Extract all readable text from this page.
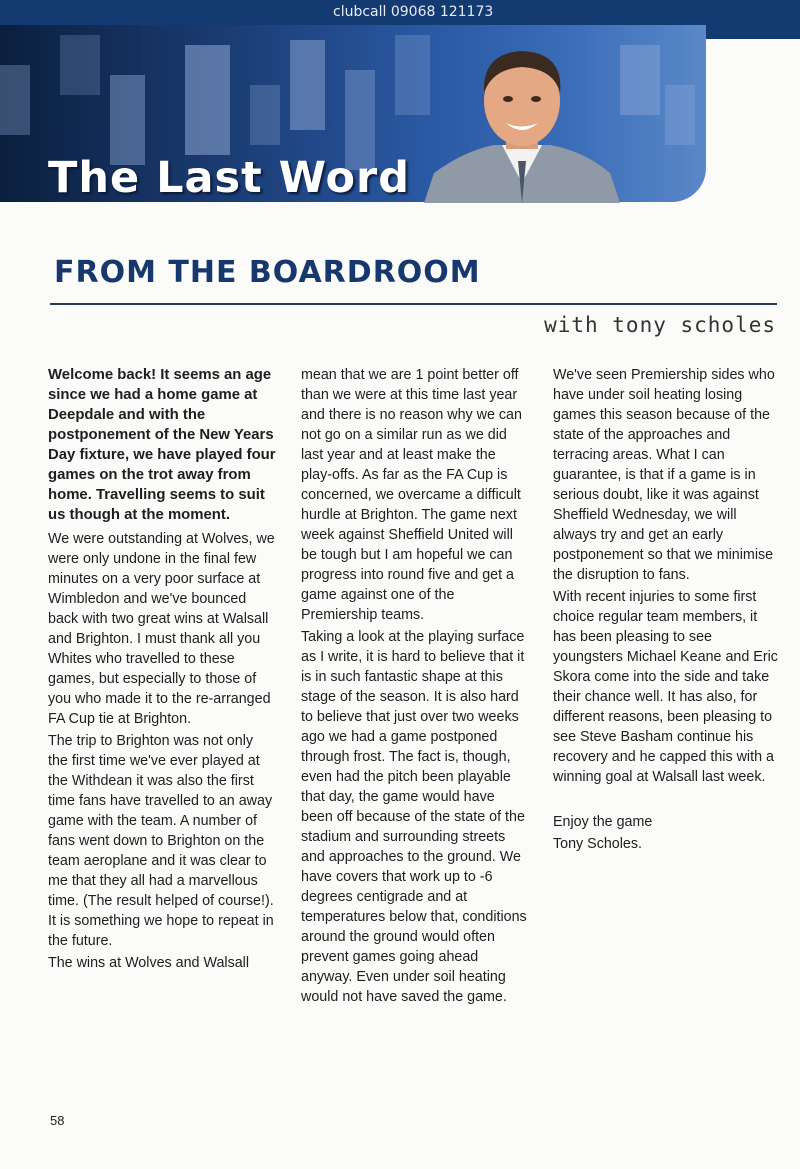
clubcall 09068 121173
The Last Word
FROM THE BOARDROOM
with tony scholes

Welcome back! It seems an age since we had a home game at Deepdale and with the postponement of the New Years Day fixture, we have played four games on the trot away from home. Travelling seems to suit us though at the moment.

We were outstanding at Wolves, we were only undone in the final few minutes on a very poor surface at Wimbledon and we've bounced back with two great wins at Walsall and Brighton. I must thank all you Whites who travelled to these games, but especially to those of you who made it to the re-arranged FA Cup tie at Brighton.

The trip to Brighton was not only the first time we've ever played at the Withdean it was also the first time fans have travelled to an away game with the team. A number of fans went down to Brighton on the team aeroplane and it was clear to me that they all had a marvellous time. (The result helped of course!). It is something we hope to repeat in the future.

The wins at Wolves and Walsall

mean that we are 1 point better off than we were at this time last year and there is no reason why we can not go on a similar run as we did last year and at least make the play-offs. As far as the FA Cup is concerned, we overcame a difficult hurdle at Brighton. The game next week against Sheffield United will be tough but I am hopeful we can progress into round five and get a game against one of the Premiership teams.

Taking a look at the playing surface as I write, it is hard to believe that it is in such fantastic shape at this stage of the season. It is also hard to believe that just over two weeks ago we had a game postponed through frost. The fact is, though, even had the pitch been playable that day, the game would have been off because of the state of the stadium and surrounding streets and approaches to the ground. We have covers that work up to -6 degrees centigrade and at temperatures below that, conditions around the ground would often prevent games going ahead anyway. Even under soil heating would not have saved the game.

We've seen Premiership sides who have under soil heating losing games this season because of the state of the approaches and terracing areas. What I can guarantee, is that if a game is in serious doubt, like it was against Sheffield Wednesday, we will always try and get an early postponement so that we minimise the disruption to fans.

With recent injuries to some first choice regular team members, it has been pleasing to see youngsters Michael Keane and Eric Skora come into the side and take their chance well. It has also, for different reasons, been pleasing to see Steve Basham continue his recovery and he capped this with a winning goal at Walsall last week.

Enjoy the game

Tony Scholes.

58
